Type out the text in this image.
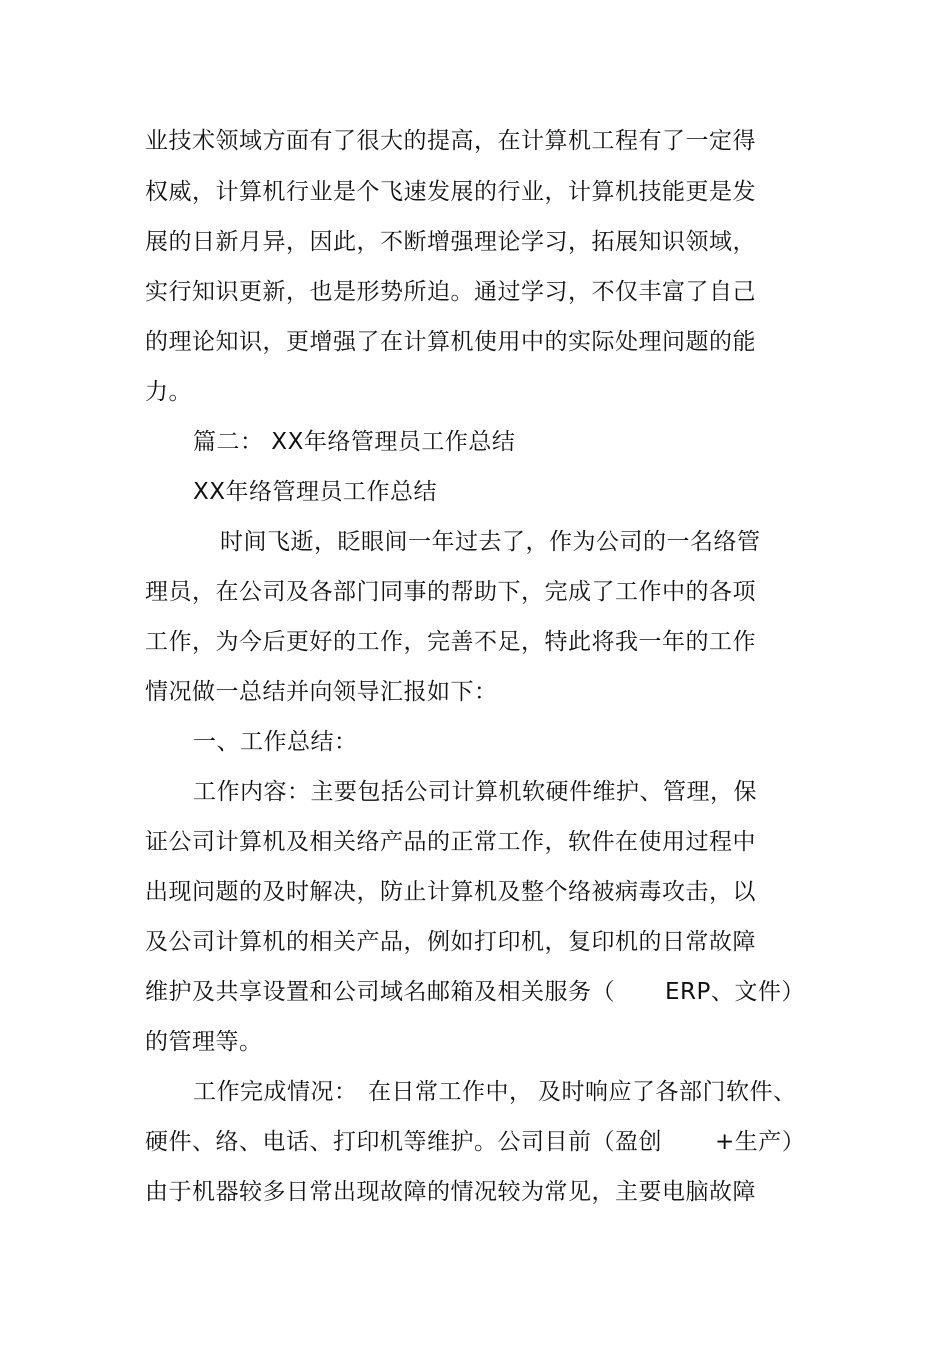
业技术领域方面有了很大的提高，在计算机工程有了一定得
权威，计算机行业是个飞速发展的行业，计算机技能更是发
展的日新月异，因此，不断增强理论学习，拓展知识领域，
实行知识更新，也是形势所迫。通过学习，不仅丰富了自己
的理论知识，更增强了在计算机使用中的实际处理问题的能
力。
篇二： XX年络管理员工作总结
XX年络管理员工作总结
时间飞逝，眨眼间一年过去了，作为公司的一名络管
理员，在公司及各部门同事的帮助下，完成了工作中的各项
工作，为今后更好的工作，完善不足，特此将我一年的工作
情况做一总结并向领导汇报如下：
一、工作总结：
工作内容：主要包括公司计算机软硬件维护、管理，保
证公司计算机及相关络产品的正常工作，软件在使用过程中
出现问题的及时解决，防止计算机及整个络被病毒攻击，以
及公司计算机的相关产品，例如打印机，复印机的日常故障
维护及共享设置和公司域名邮箱及相关服务（ ERP、文件）
的管理等。
工作完成情况： 在日常工作中， 及时响应了各部门软件、
硬件、络、电话、打印机等维护。公司目前（盈创 +生产）
由于机器较多日常出现故障的情况较为常见，主要电脑故障
